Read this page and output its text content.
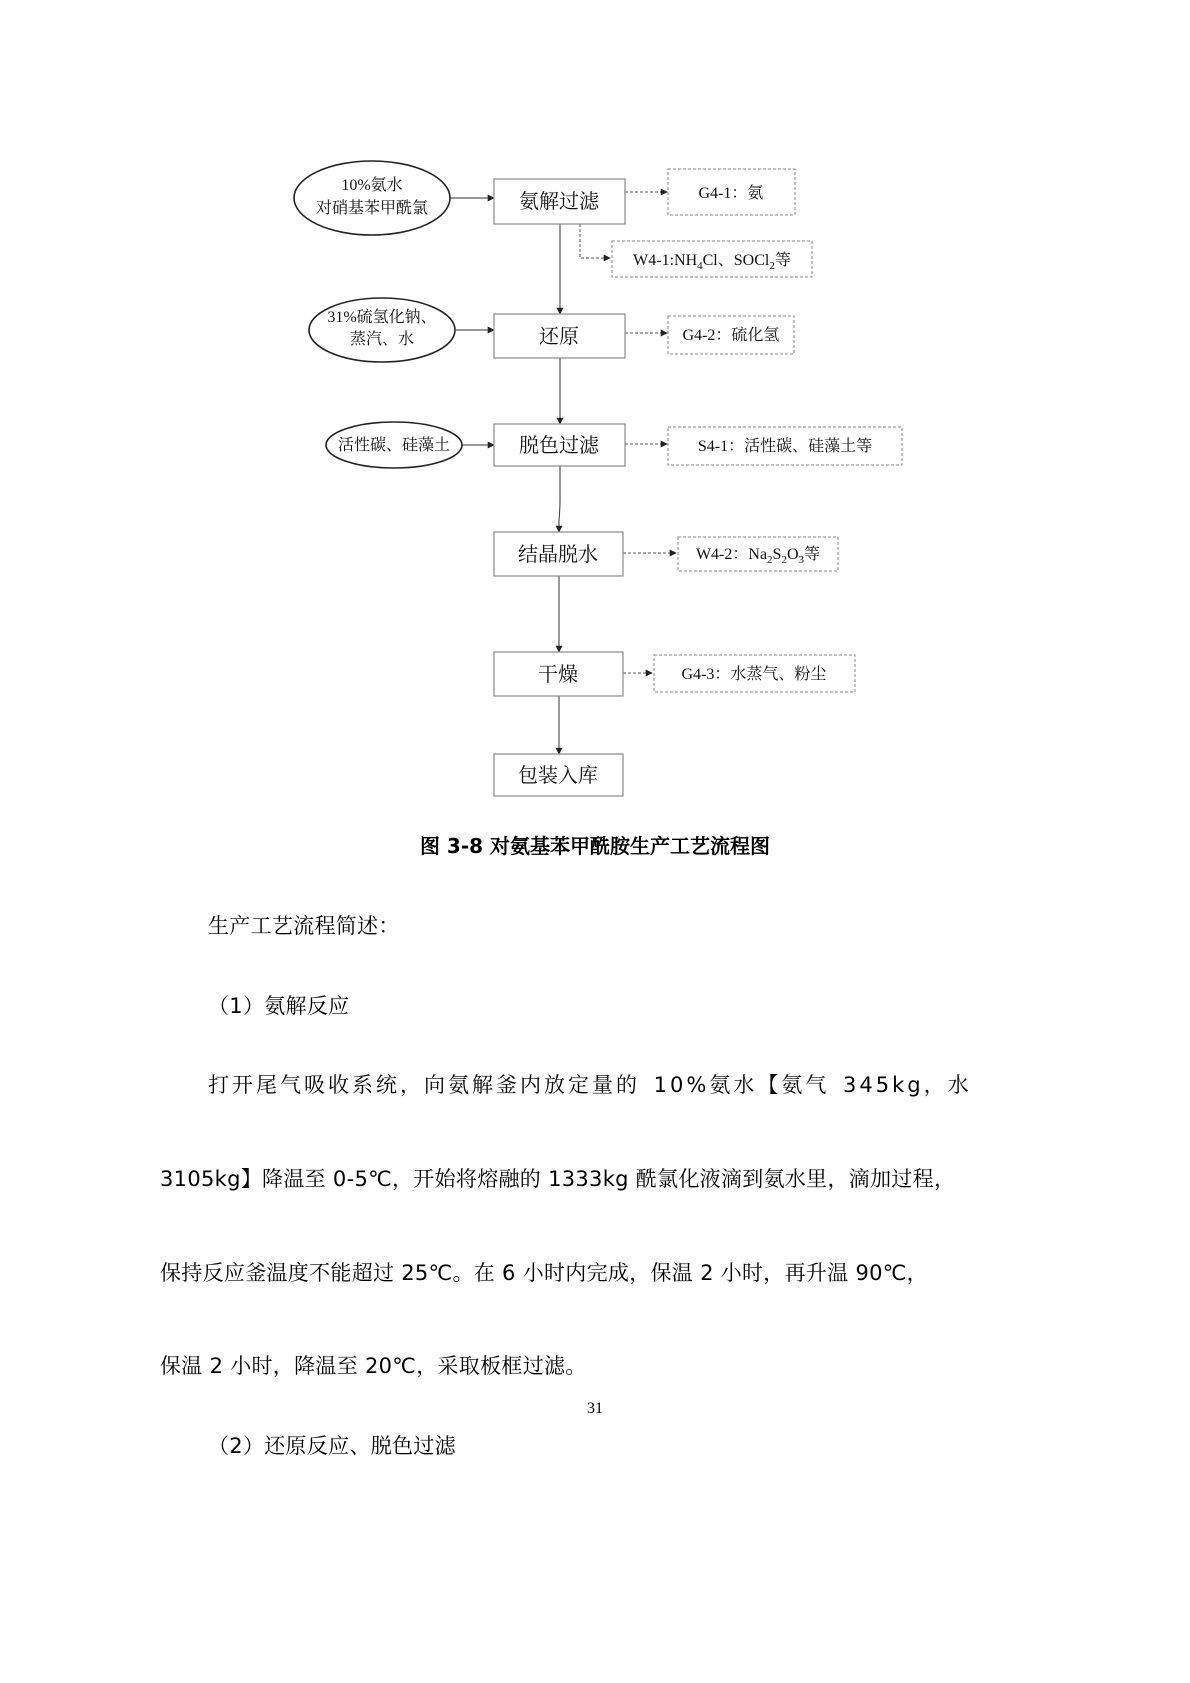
10%氨水
对硝基苯甲酰氯
31%硫氢化钠、
蒸汽、水
活性碳、硅藻土
氨解过滤
还原
脱色过滤
结晶脱水
干燥
包装入库
G4-1：氨
$W4-1:NH_4Cl$、SOCl$_2$等
G4-2：硫化氢
S4-1：活性碳、硅藻土等
W4-2：$Na_2S_2O_3$等
G4-3：水蒸气、粉尘
图 3-8 对氨基苯甲酰胺生产工艺流程图
生产工艺流程简述：
（1）氨解反应
打开尾气吸收系统，向氨解釜内放定量的 10%氨水【氨气 345kg，水
3105kg】降温至 0-5℃，开始将熔融的 1333kg 酰氯化液滴到氨水里，滴加过程，
保持反应釜温度不能超过 25℃。在 6 小时内完成，保温 2 小时，再升温 90℃，
保温 2 小时，降温至 20℃，采取板框过滤。
31
（2）还原反应、脱色过滤
